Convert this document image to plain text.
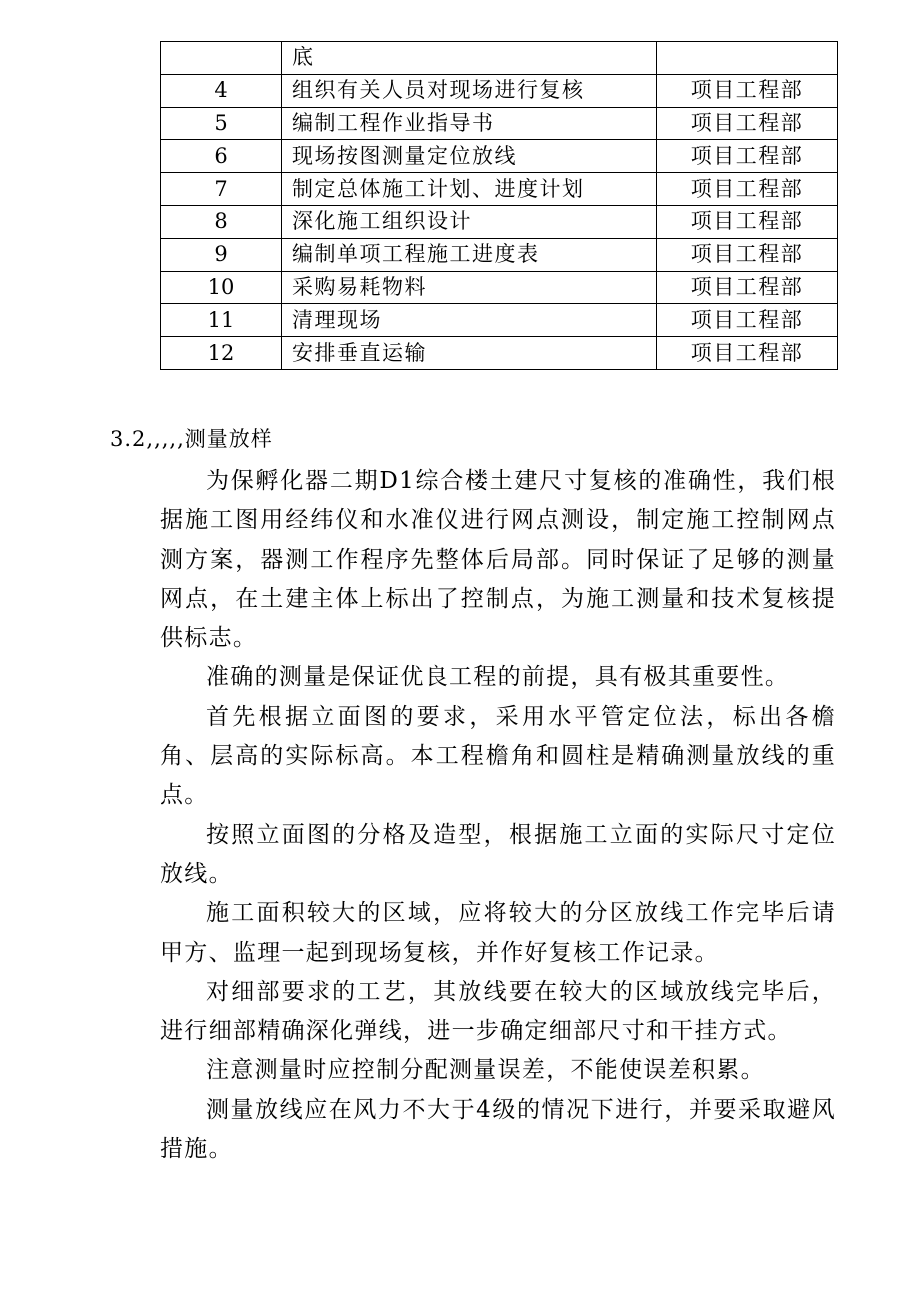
	底	
4	组织有关人员对现场进行复核	项目工程部
5	编制工程作业指导书	项目工程部
6	现场按图测量定位放线	项目工程部
7	制定总体施工计划、进度计划	项目工程部
8	深化施工组织设计	项目工程部
9	编制单项工程施工进度表	项目工程部
10	采购易耗物料	项目工程部
11	清理现场	项目工程部
12	安排垂直运输	项目工程部
3.2,,,,,测量放样

为保孵化器二期D1综合楼土建尺寸复核的准确性，我们根据施工图用经纬仪和水准仪进行网点测设，制定施工控制网点测方案，器测工作程序先整体后局部。同时保证了足够的测量网点，在土建主体上标出了控制点，为施工测量和技术复核提供标志。

准确的测量是保证优良工程的前提，具有极其重要性。

首先根据立面图的要求，采用水平管定位法，标出各檐角、层高的实际标高。本工程檐角和圆柱是精确测量放线的重点。

按照立面图的分格及造型，根据施工立面的实际尺寸定位放线。

施工面积较大的区域，应将较大的分区放线工作完毕后请甲方、监理一起到现场复核，并作好复核工作记录。

对细部要求的工艺，其放线要在较大的区域放线完毕后，进行细部精确深化弹线，进一步确定细部尺寸和干挂方式。

注意测量时应控制分配测量误差，不能使误差积累。

测量放线应在风力不大于4级的情况下进行，并要采取避风措施。
